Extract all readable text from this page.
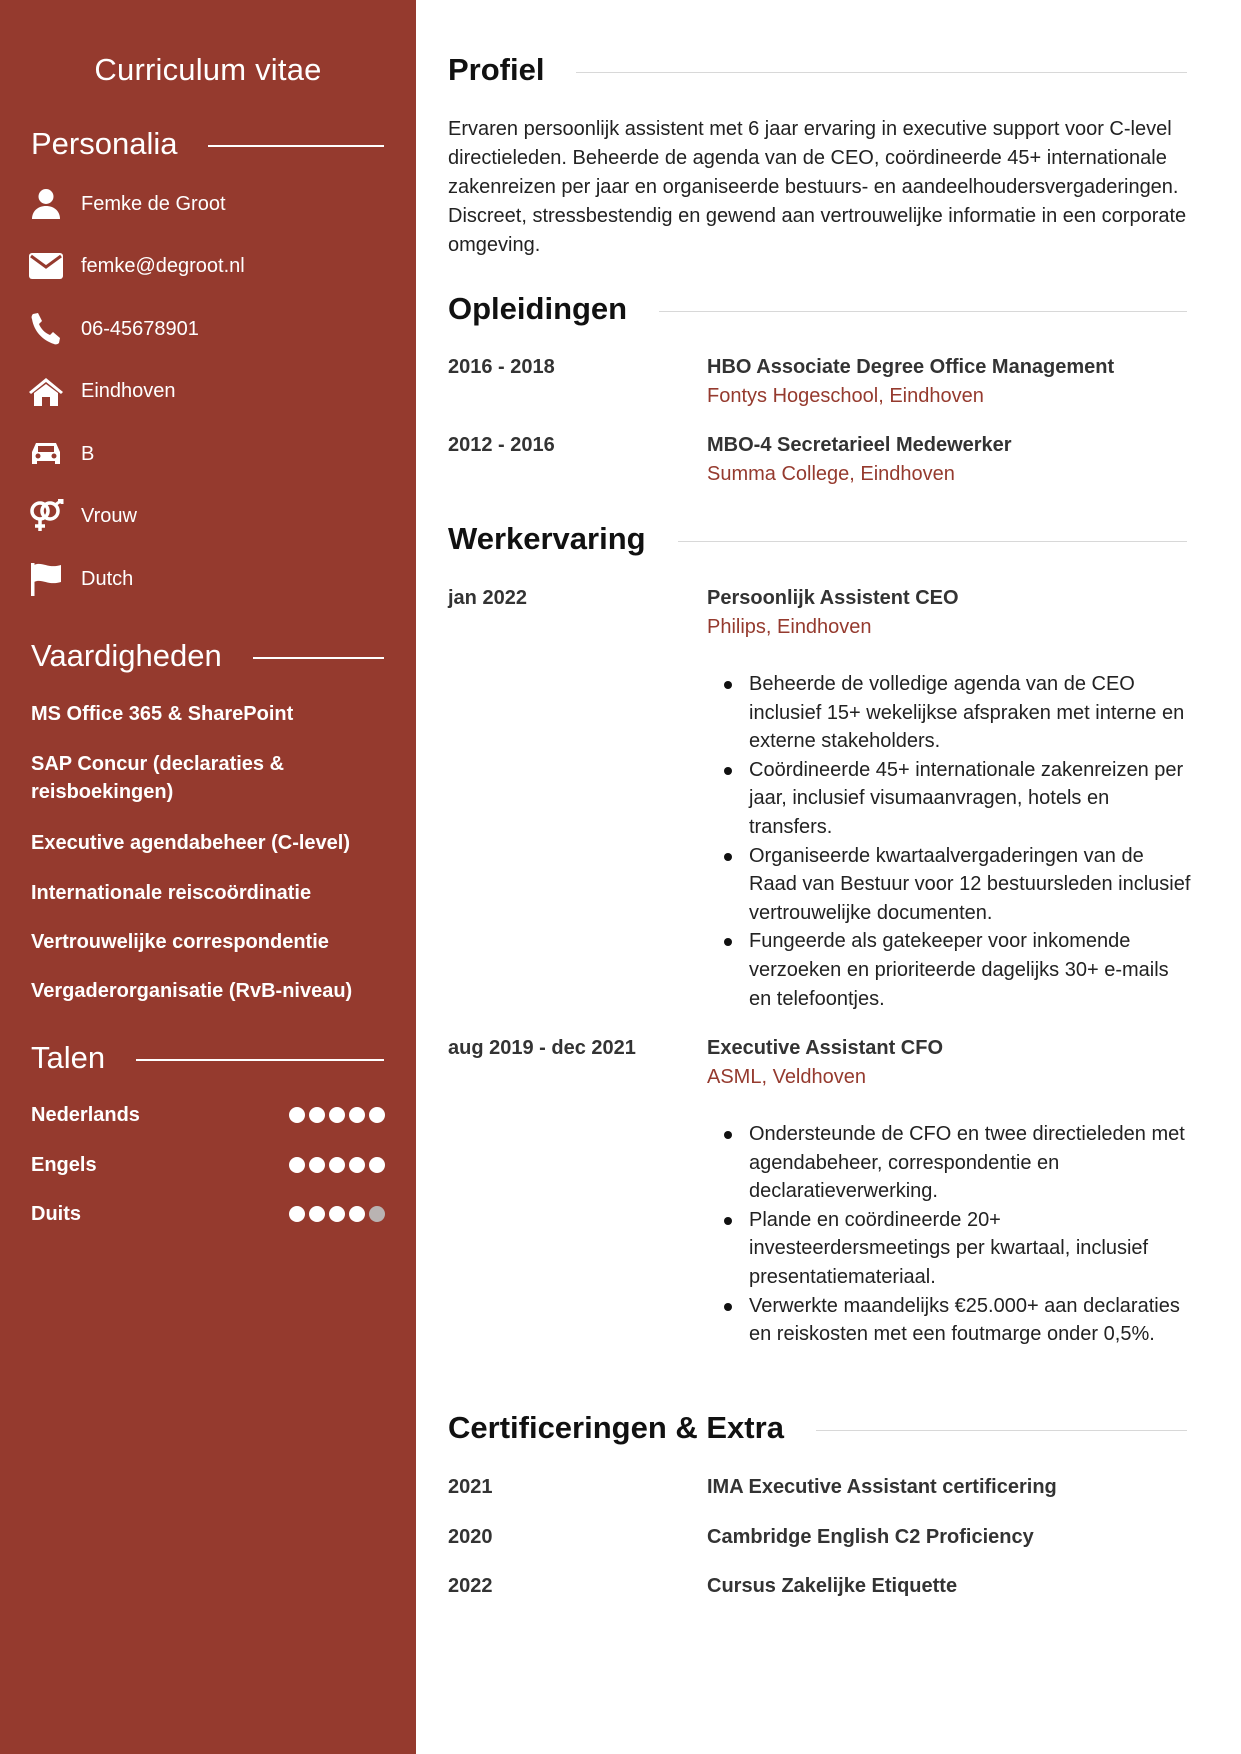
Curriculum vitae
Personalia
Femke de Groot
femke@degroot.nl
06-45678901
Eindhoven
B
Vrouw
Dutch
Vaardigheden
MS Office 365 & SharePoint
SAP Concur (declaraties & reisboekingen)
Executive agendabeheer (C-level)
Internationale reiscoördinatie
Vertrouwelijke correspondentie
Vergaderorganisatie (RvB-niveau)
Talen
Nederlands
Engels
Duits
Profiel

Ervaren persoonlijk assistent met 6 jaar ervaring in executive support voor C-level directieleden. Beheerde de agenda van de CEO, coördineerde 45+ internationale zakenreizen per jaar en organiseerde bestuurs- en aandeelhoudersvergaderingen. Discreet, stressbestendig en gewend aan vertrouwelijke informatie in een corporate omgeving.

Opleidingen
2016 - 2018	HBO Associate Degree Office Management
Fontys Hogeschool, Eindhoven
2012 - 2016	MBO-4 Secretarieel Medewerker
Summa College, Eindhoven
Werkervaring
jan 2022	Persoonlijk Assistent CEO
Philips, Eindhoven
Beheerde de volledige agenda van de CEO inclusief 15+ wekelijkse afspraken met interne en externe stakeholders.
Coördineerde 45+ internationale zakenreizen per jaar, inclusief visumaanvragen, hotels en transfers.
Organiseerde kwartaalvergaderingen van de Raad van Bestuur voor 12 bestuursleden inclusief vertrouwelijke documenten.
Fungeerde als gatekeeper voor inkomende verzoeken en prioriteerde dagelijks 30+ e-mails en telefoontjes.
aug 2019 - dec 2021	Executive Assistant CFO
ASML, Veldhoven
Ondersteunde de CFO en twee directieleden met agendabeheer, correspondentie en declaratieverwerking.
Plande en coördineerde 20+ investeerdersmeetings per kwartaal, inclusief presentatiemateriaal.
Verwerkte maandelijks €25.000+ aan declaraties en reiskosten met een foutmarge onder 0,5%.
Certificeringen & Extra
2021	IMA Executive Assistant certificering
2020	Cambridge English C2 Proficiency
2022	Cursus Zakelijke Etiquette
